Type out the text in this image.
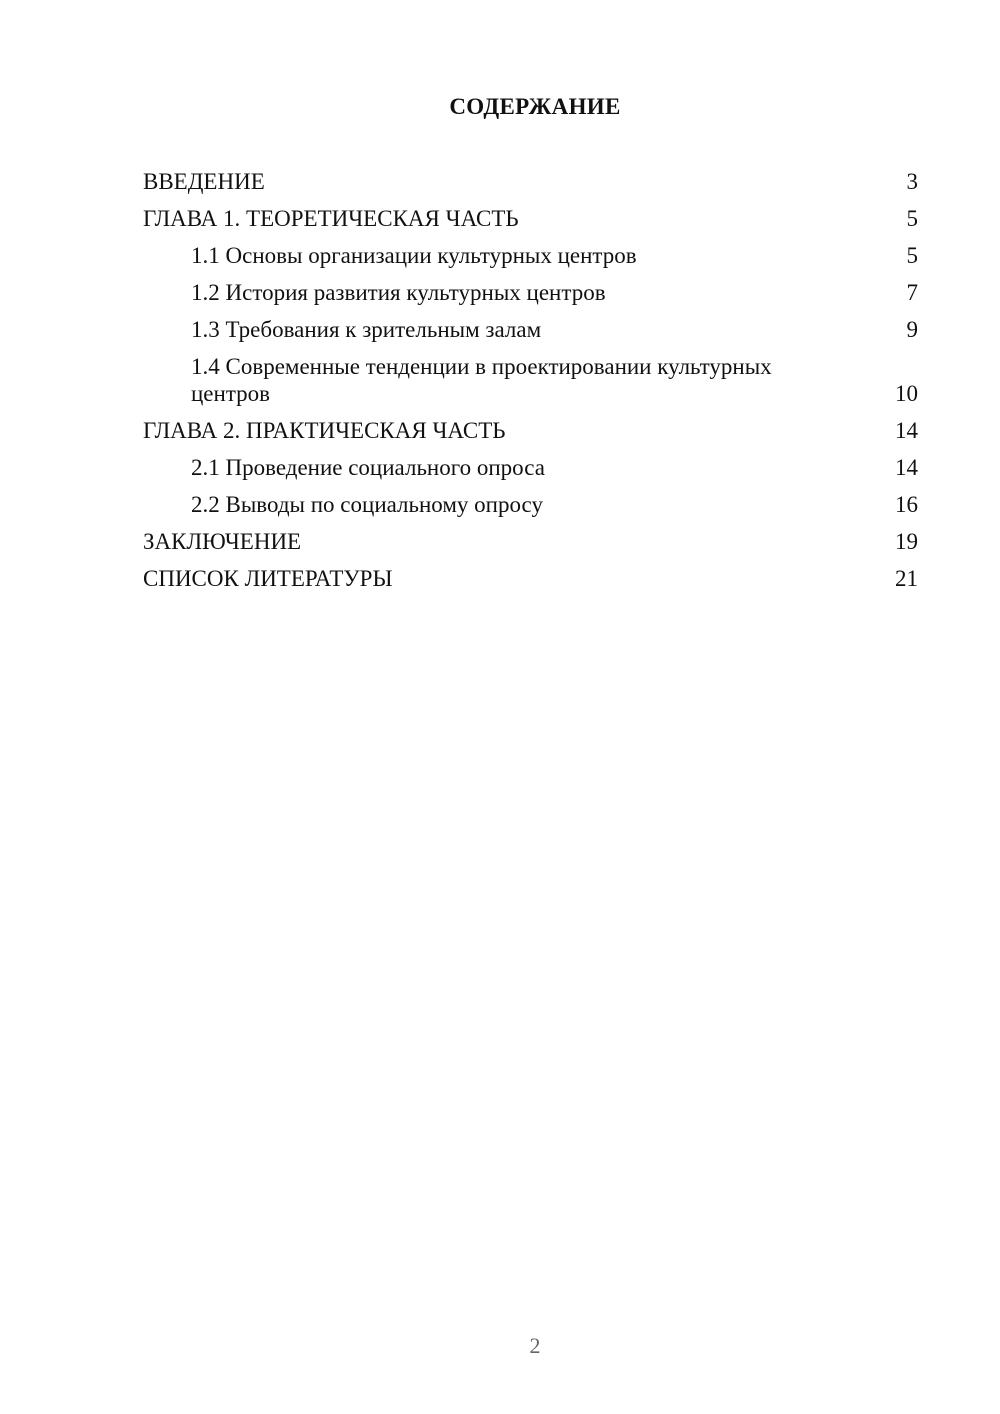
СОДЕРЖАНИЕ
ВВЕДЕНИЕ	3
ГЛАВА 1. ТЕОРЕТИЧЕСКАЯ ЧАСТЬ	5
1.1 Основы организации культурных центров	5
1.2 История развития культурных центров	7
1.3 Требования к зрительным залам	9
1.4 Современные тенденции в проектировании культурных центров	10
ГЛАВА 2. ПРАКТИЧЕСКАЯ ЧАСТЬ	14
2.1 Проведение социального опроса	14
2.2 Выводы по социальному опросу	16
ЗАКЛЮЧЕНИЕ	19
СПИСОК ЛИТЕРАТУРЫ	21
2
